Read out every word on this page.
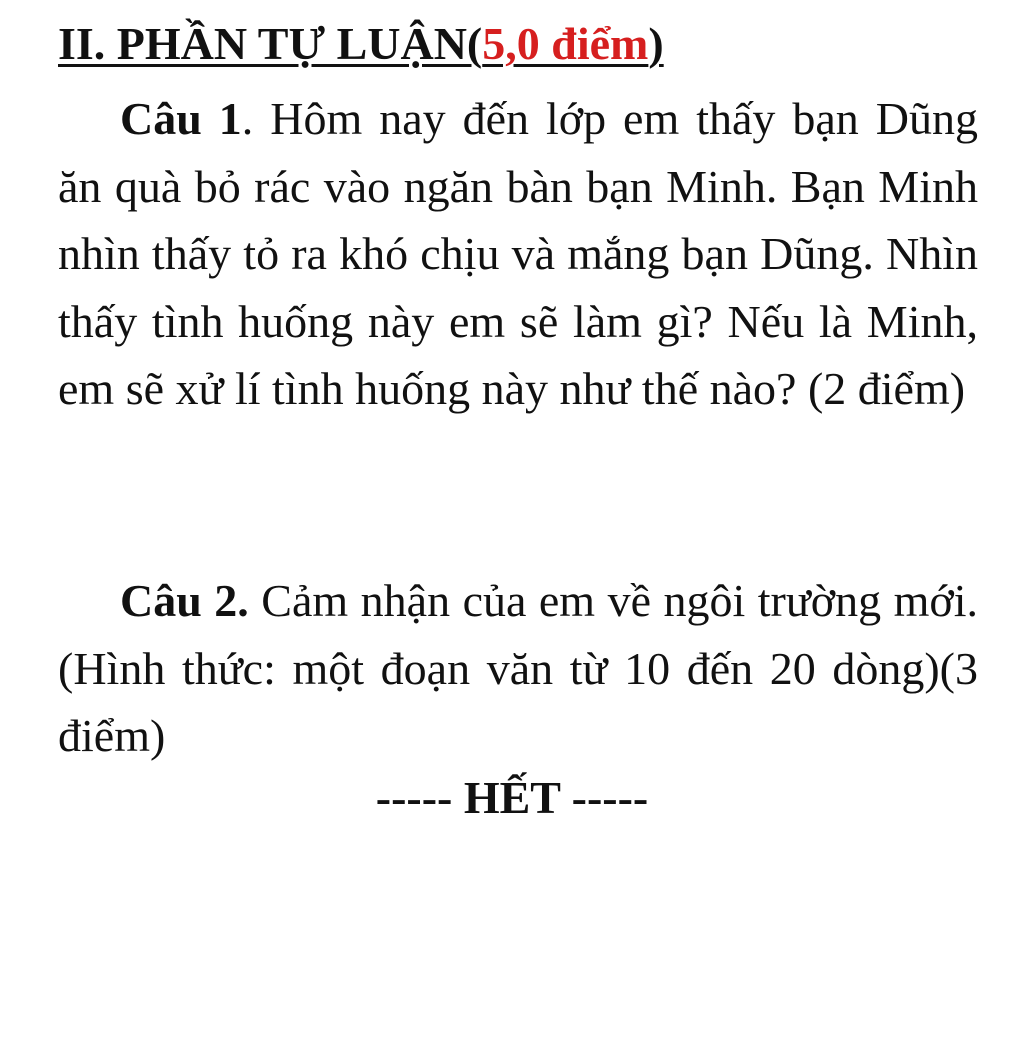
II. PHẦN TỰ LUẬN(5,0 điểm)
Câu 1. Hôm nay đến lớp em thấy bạn Dũng ăn quà bỏ rác vào ngăn bàn bạn Minh. Bạn Minh nhìn thấy tỏ ra khó chịu và mắng bạn Dũng. Nhìn thấy tình huống này em sẽ làm gì? Nếu là Minh, em sẽ xử lí tình huống này như thế nào? (2 điểm)
Câu 2. Cảm nhận của em về ngôi trường mới. (Hình thức: một đoạn văn từ 10 đến 20 dòng)(3 điểm)
----- HẾT -----
